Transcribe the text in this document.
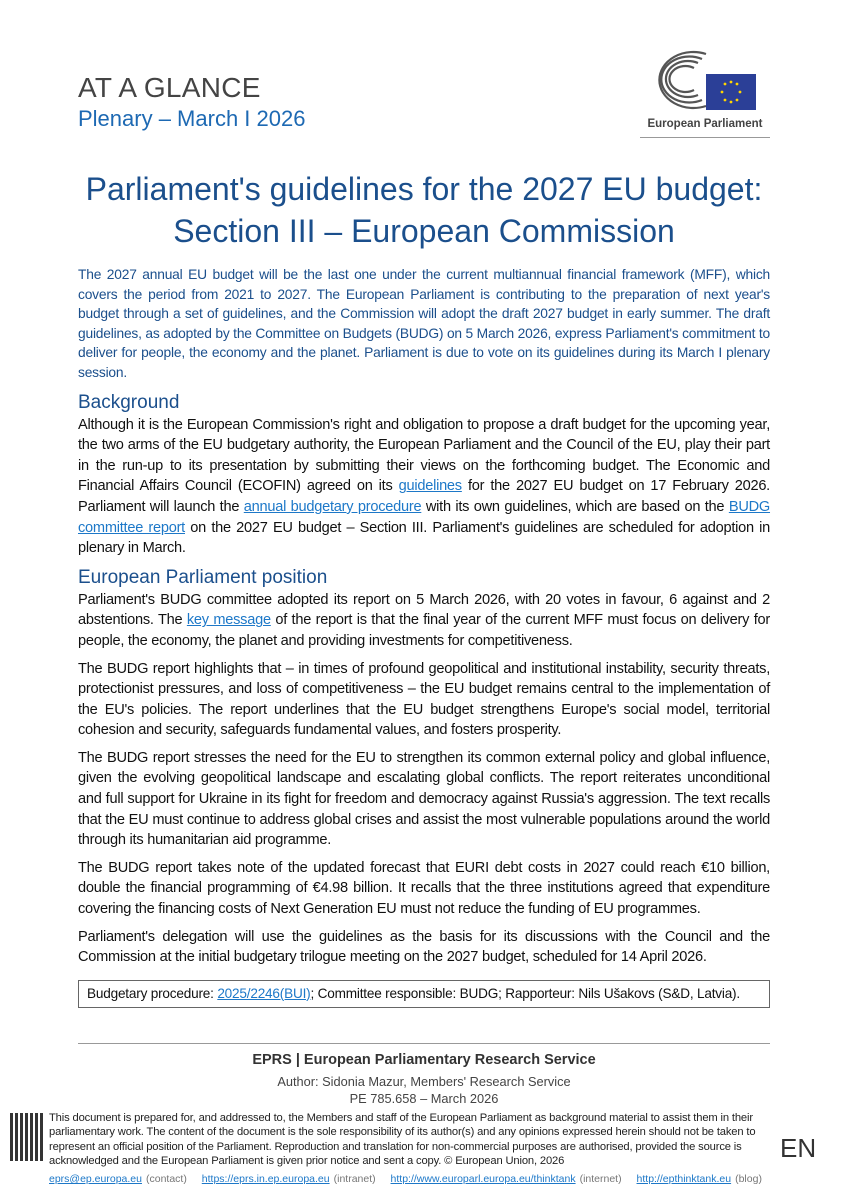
AT A GLANCE
Plenary – March I 2026	European Parliament
Parliament's guidelines for the 2027 EU budget:
Section III – European Commission
The 2027 annual EU budget will be the last one under the current multiannual financial framework (MFF), which covers the period from 2021 to 2027. The European Parliament is contributing to the preparation of next year's budget through a set of guidelines, and the Commission will adopt the draft 2027 budget in early summer. The draft guidelines, as adopted by the Committee on Budgets (BUDG) on 5 March 2026, express Parliament's commitment to deliver for people, the economy and the planet. Parliament is due to vote on its guidelines during its March I plenary session.
Background

Although it is the European Commission's right and obligation to propose a draft budget for the upcoming year, the two arms of the EU budgetary authority, the European Parliament and the Council of the EU, play their part in the run-up to its presentation by submitting their views on the forthcoming budget. The Economic and Financial Affairs Council (ECOFIN) agreed on its guidelines for the 2027 EU budget on 17 February 2026. Parliament will launch the annual budgetary procedure with its own guidelines, which are based on the BUDG committee report on the 2027 EU budget – Section III. Parliament's guidelines are scheduled for adoption in plenary in March.

European Parliament position

Parliament's BUDG committee adopted its report on 5 March 2026, with 20 votes in favour, 6 against and 2 abstentions. The key message of the report is that the final year of the current MFF must focus on delivery for people, the economy, the planet and providing investments for competitiveness.

The BUDG report highlights that – in times of profound geopolitical and institutional instability, security threats, protectionist pressures, and loss of competitiveness – the EU budget remains central to the implementation of the EU's policies. The report underlines that the EU budget strengthens Europe's social model, territorial cohesion and security, safeguards fundamental values, and fosters prosperity.

The BUDG report stresses the need for the EU to strengthen its common external policy and global influence, given the evolving geopolitical landscape and escalating global conflicts. The report reiterates unconditional and full support for Ukraine in its fight for freedom and democracy against Russia's aggression. The text recalls that the EU must continue to address global crises and assist the most vulnerable populations around the world through its humanitarian aid programme.

The BUDG report takes note of the updated forecast that EURI debt costs in 2027 could reach €10 billion, double the financial programming of €4.98 billion. It recalls that the three institutions agreed that expenditure covering the financing costs of Next Generation EU must not reduce the funding of EU programmes.

Parliament's delegation will use the guidelines as the basis for its discussions with the Council and the Commission at the initial budgetary trilogue meeting on the 2027 budget, scheduled for 14 April 2026.

Budgetary procedure: 2025/2246(BUI); Committee responsible: BUDG; Rapporteur: Nils Ušakovs (S&D, Latvia).
EPRS | European Parliamentary Research Service
Author: Sidonia Mazur, Members' Research Service
PE 785.658 – March 2026
This document is prepared for, and addressed to, the Members and staff of the European Parliament as background material to assist them in their parliamentary work. The content of the document is the sole responsibility of its author(s) and any opinions expressed herein should not be taken to represent an official position of the Parliament. Reproduction and translation for non-commercial purposes are authorised, provided the source is acknowledged and the European Parliament is given prior notice and sent a copy. © European Union, 2026	EN
eprs@ep.europa.eu (contact) https://eprs.in.ep.europa.eu (intranet) http://www.europarl.europa.eu/thinktank (internet) http://epthinktank.eu (blog)
